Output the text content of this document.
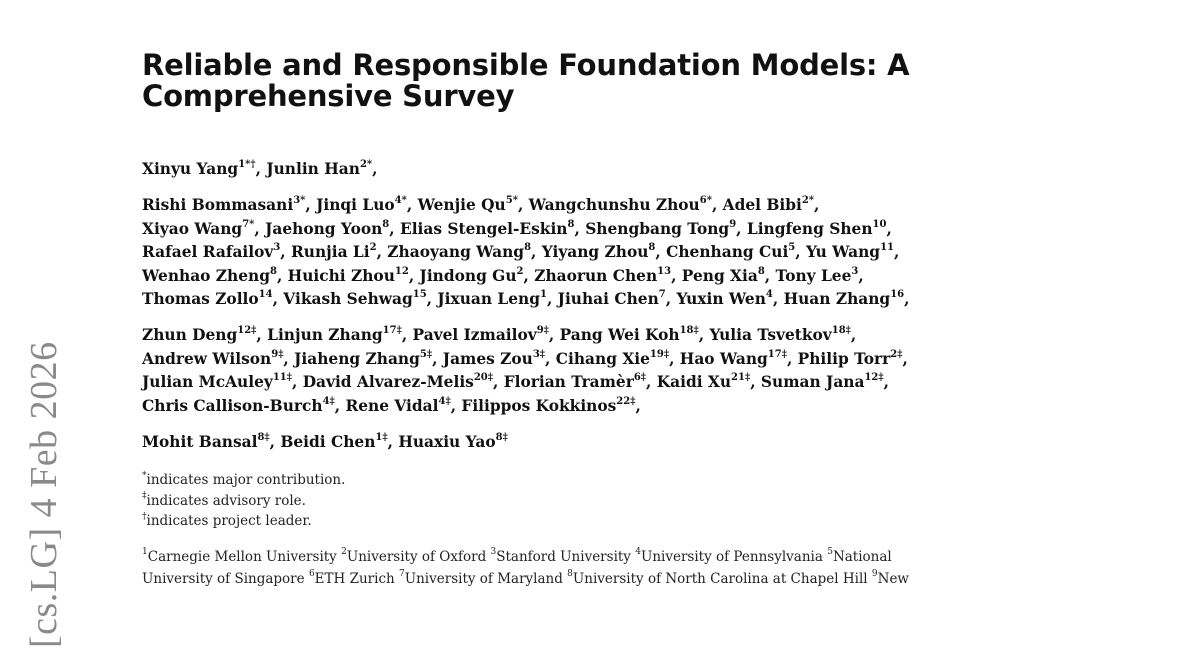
[cs.LG] 4 Feb 2026
Reliable and Responsible Foundation Models: A
Comprehensive Survey
Xinyu Yang$^{1*\dagger}$, Junlin Han$^{2*}$,
Rishi Bommasani$^{3*}$, Jinqi Luo$^{4*}$, Wenjie $Qu^{5*}$, Wangchunshu Zhou$^{6*}$, Adel Bibi$^{2*}$,
Xiyao Wang$^{7*}$, Jaehong Yoon$^8$, Elias Stengel-Eskin$^8$, Shengbang Tong$^9$, Lingfeng Shen$^{10}$,
Rafael Rafailov$^3$, Runjia Li$^2$, Zhaoyang Wang$^8$, Yiyang Zhou$^8$, Chenhang Cui$^5$, Yu Wang$^{11}$,
Wenhao Zheng$^8$, Huichi Zhou$^{12}$, Jindong Gu$^2$, Zhaorun Chen$^{13}$, Peng Xia$^8$, Tony Lee$^3$,
Thomas Zollo$^{14}$, Vikash Sehwag$^{15}$, Jixuan Leng$^1$, Jiuhai Chen$^7$, Yuxin Wen$^4$, Huan Zhang$^{16}$,
Zhun Deng$^{12\ddagger}$, Linjun Zhang$^{17\ddagger}$, Pavel Izmailov$^{9\ddagger}$, Pang Wei Koh$^{18\ddagger}$, Yulia Tsvetkov$^{18\ddagger}$,
Andrew Wilson$^{9\ddagger}$, Jiaheng Zhang$^{5\ddagger}$, James Zou$^{3\ddagger}$, Cihang Xie$^{19\ddagger}$, Hao Wang$^{17\ddagger}$, Philip Torr$^{2\ddagger}$,
Julian McAuley$^{11\ddagger}$, David Alvarez-Melis$^{20\ddagger}$, Florian Tramèr$^{6\ddagger}$, Kaidi $Xu^{21\ddagger}$, Suman Jana$^{12\ddagger}$,
Chris Callison-Burch$^{4\ddagger}$, Rene Vidal$^{4\ddagger}$, Filippos Kokkinos$^{22\ddagger}$,
Mohit Bansal$^{8\ddagger}$, Beidi Chen$^{1\ddagger}$, Huaxiu Yao$^{8\ddagger}$
*indicates major contribution.
‡indicates advisory role.
†indicates project leader.
$^1$Carnegie Mellon University $^2$University of Oxford $^3$Stanford University $^4$University of Pennsylvania $^5$National
University of Singapore $^6$ETH Zurich $^7$University of Maryland $^8$University of North Carolina at Chapel Hill $^9$New
